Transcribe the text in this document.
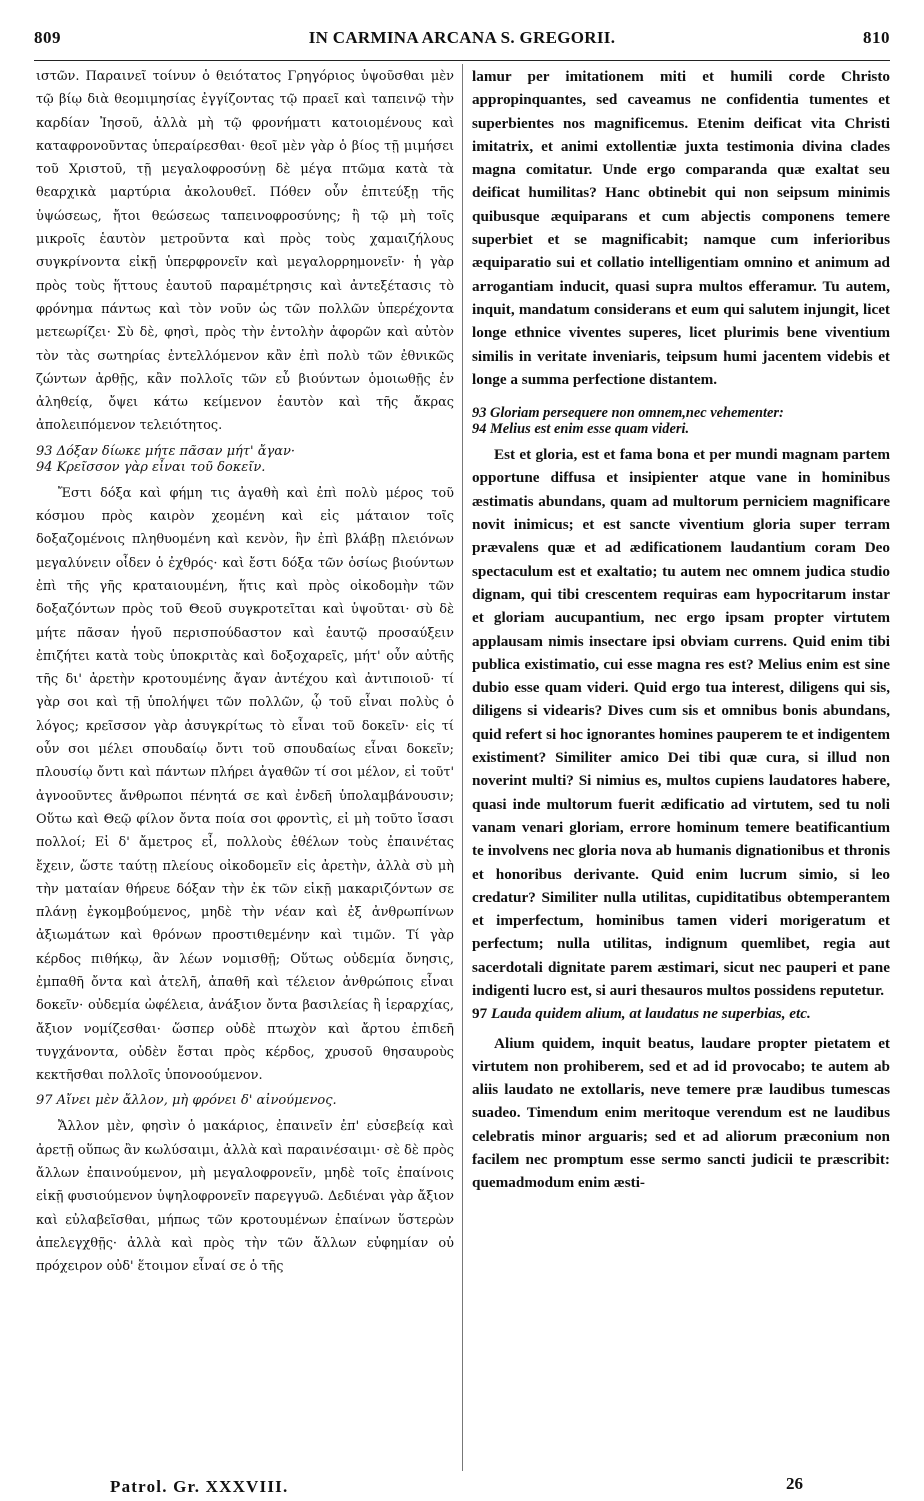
809	IN CARMINA ARCANA S. GREGORII.	810

ιστῶν. Παραινεῖ τοίνυν ὁ θειότατος Γρηγόριος ὑψοῦσθαι μὲν τῷ βίῳ διὰ θεομιμησίας ἐγγίζοντας τῷ πραεῖ καὶ ταπεινῷ τὴν καρδίαν Ἰησοῦ, ἀλλὰ μὴ τῷ φρονήματι κατοιομένους καὶ καταφρονοῦντας ὑπεραίρεσθαι· θεοῖ μὲν γὰρ ὁ βίος τῇ μιμήσει τοῦ Χριστοῦ, τῇ μεγαλοφροσύνῃ δὲ μέγα πτῶμα κατὰ τὰ θεαρχικὰ μαρτύρια ἀκολουθεῖ. Πόθεν οὖν ἐπιτεύξῃ τῆς ὑψώσεως, ἤτοι θεώσεως ταπεινοφροσύνης; ἢ τῷ μὴ τοῖς μικροῖς ἑαυτὸν μετροῦντα καὶ πρὸς τοὺς χαμαιζήλους συγκρίνοντα εἰκῇ ὑπερφρονεῖν καὶ μεγαλορρημονεῖν· ἡ γὰρ πρὸς τοὺς ἥττους ἑαυτοῦ παραμέτρησις καὶ ἀντεξέτασις τὸ φρόνημα πάντως καὶ τὸν νοῦν ὡς τῶν πολλῶν ὑπερέχοντα μετεωρίζει· Σὺ δὲ, φησὶ, πρὸς τὴν ἐντολὴν ἀφορῶν καὶ αὐτὸν τὸν τὰς σωτηρίας ἐντελλόμενον κἂν ἐπὶ πολὺ τῶν ἐθνικῶς ζώντων ἀρθῇς, κἂν πολλοῖς τῶν εὖ βιούντων ὁμοιωθῇς ἐν ἀληθείᾳ, ὄψει κάτω κείμενον ἑαυτὸν καὶ τῆς ἄκρας ἀπολειπόμενον τελειότητος.

93 Δόξαν δίωκε μήτε πᾶσαν μήτ' ἄγαν·

94 Κρεῖσσον γὰρ εἶναι τοῦ δοκεῖν.

Ἔστι δόξα καὶ φήμη τις ἀγαθὴ καὶ ἐπὶ πολὺ μέρος τοῦ κόσμου πρὸς καιρὸν χεομένη καὶ εἰς μάταιον τοῖς δοξαζομένοις πληθυομένη καὶ κενὸν, ἣν ἐπὶ βλάβῃ πλειόνων μεγαλύνειν οἶδεν ὁ ἐχθρός· καὶ ἔστι δόξα τῶν ὁσίως βιούντων ἐπὶ τῆς γῆς κραταιουμένη, ἥτις καὶ πρὸς οἰκοδομὴν τῶν δοξαζόντων πρὸς τοῦ Θεοῦ συγκροτεῖται καὶ ὑψοῦται· σὺ δὲ μήτε πᾶσαν ἡγοῦ περισπούδαστον καὶ ἑαυτῷ προσαύξειν ἐπιζήτει κατὰ τοὺς ὑποκριτὰς καὶ δοξοχαρεῖς, μήτ' οὖν αὐτῆς τῆς δι' ἀρετὴν κροτουμένης ἄγαν ἀντέχου καὶ ἀντιποιοῦ· τί γὰρ σοι καὶ τῇ ὑπολήψει τῶν πολλῶν, ᾧ τοῦ εἶναι πολὺς ὁ λόγος; κρεῖσσον γὰρ ἀσυγκρίτως τὸ εἶναι τοῦ δοκεῖν· εἰς τί οὖν σοι μέλει σπουδαίῳ ὄντι τοῦ σπουδαίως εἶναι δοκεῖν; πλουσίῳ ὄντι καὶ πάντων πλήρει ἀγαθῶν τί σοι μέλον, εἰ τοῦτ' ἀγνοοῦντες ἄνθρωποι πένητά σε καὶ ἐνδεῆ ὑπολαμβάνουσιν; Οὕτω καὶ Θεῷ φίλον ὄντα ποία σοι φροντὶς, εἰ μὴ τοῦτο ἴσασι πολλοί; Εἰ δ' ἄμετρος εἶ, πολλοὺς ἐθέλων τοὺς ἐπαινέτας ἔχειν, ὥστε ταύτῃ πλείους οἰκοδομεῖν εἰς ἀρετὴν, ἀλλὰ σὺ μὴ τὴν ματαίαν θήρευε δόξαν τὴν ἐκ τῶν εἰκῇ μακαριζόντων σε πλάνῃ ἐγκομβούμενος, μηδὲ τὴν νέαν καὶ ἐξ ἀνθρωπίνων ἀξιωμάτων καὶ θρόνων προστιθεμένην καὶ τιμῶν. Τί γὰρ κέρδος πιθήκῳ, ἂν λέων νομισθῇ; Οὕτως οὐδεμία ὄνησις, ἐμπαθῆ ὄντα καὶ ἀτελῆ, ἀπαθῆ καὶ τέλειον ἀνθρώποις εἶναι δοκεῖν· οὐδεμία ὠφέλεια, ἀνάξιον ὄντα βασιλείας ἢ ἱεραρχίας, ἄξιον νομίζεσθαι· ὥσπερ οὐδὲ πτωχὸν καὶ ἄρτου ἐπιδεῆ τυγχάνοντα, οὐδὲν ἔσται πρὸς κέρδος, χρυσοῦ θησαυροὺς κεκτῆσθαι πολλοῖς ὑπονοούμενον.

97 Αἴνει μὲν ἄλλον, μὴ φρόνει δ' αἰνούμενος.

Ἄλλον μὲν, φησὶν ὁ μακάριος, ἐπαινεῖν ἐπ' εὐσεβείᾳ καὶ ἀρετῇ οὕπως ἂν κωλύσαιμι, ἀλλὰ καὶ παραινέσαιμι· σὲ δὲ πρὸς ἄλλων ἐπαινούμενον, μὴ μεγαλοφρονεῖν, μηδὲ τοῖς ἐπαίνοις εἰκῇ φυσιούμενον ὑψηλοφρονεῖν παρεγγυῶ. Δεδιέναι γὰρ ἄξιον καὶ εὐλαβεῖσθαι, μήπως τῶν κροτουμένων ἐπαίνων ὕστερὼν ἀπελεγχθῇς· ἀλλὰ καὶ πρὸς τὴν τῶν ἄλλων εὐφημίαν οὐ πρόχειρον οὐδ' ἕτοιμον εἶναί σε ὁ τῆς

lamur per imitationem miti et humili corde Christo appropinquantes, sed caveamus ne confidentia tumentes et superbientes nos magnificemus. Etenim deificat vita Christi imitatrix, et animi extollentiæ juxta testimonia divina clades magna comitatur. Unde ergo comparanda quæ exaltat seu deificat humilitas? Hanc obtinebit qui non seipsum minimis quibusque æquiparans et cum abjectis componens temere superbiet et se magnificabit; namque cum inferioribus æquiparatio sui et collatio intelligentiam omnino et animum ad arrogantiam inducit, quasi supra multos efferamur. Tu autem, inquit, mandatum considerans et eum qui salutem injungit, licet longe ethnice viventes superes, licet plurimis bene viventium similis in veritate inveniaris, teipsum humi jacentem videbis et longe a summa perfectione distantem.

93 Gloriam persequere non omnem,nec vehementer:

94 Melius est enim esse quam videri.

Est et gloria, est et fama bona et per mundi magnam partem opportune diffusa et insipienter atque vane in hominibus æstimatis abundans, quam ad multorum perniciem magnificare novit inimicus; et est sancte viventium gloria super terram prævalens quæ et ad ædificationem laudantium coram Deo spectaculum est et exaltatio; tu autem nec omnem judica studio dignam, qui tibi crescentem requiras eam hypocritarum instar et gloriam aucupantium, nec ergo ipsam propter virtutem applausam nimis insectare ipsi obviam currens. Quid enim tibi publica existimatio, cui esse magna res est? Melius enim est sine dubio esse quam videri. Quid ergo tua interest, diligens qui sis, diligens si videaris? Dives cum sis et omnibus bonis abundans, quid refert si hoc ignorantes homines pauperem te et indigentem existiment? Similiter amico Dei tibi quæ cura, si illud non noverint multi? Si nimius es, multos cupiens laudatores habere, quasi inde multorum fuerit ædificatio ad virtutem, sed tu noli vanam venari gloriam, errore hominum temere beatificantium te involvens nec gloria nova ab humanis dignationibus et thronis et honoribus derivante. Quid enim lucrum simio, si leo credatur? Similiter nulla utilitas, cupiditatibus obtemperantem et imperfectum, hominibus tamen videri morigeratum et perfectum; nulla utilitas, indignum quemlibet, regia aut sacerdotali dignitate parem æstimari, sicut nec pauperi et pane indigenti lucro est, si auri thesauros multos possidens reputetur.

97 Lauda quidem alium, at laudatus ne superbias, etc.

Alium quidem, inquit beatus, laudare propter pietatem et virtutem non prohiberem, sed et ad id provocabo; te autem ab aliis laudato ne extollaris, neve temere præ laudibus tumescas suadeo. Timendum enim meritoque verendum est ne laudibus celebratis minor arguaris; sed et ad aliorum præconium non facilem nec promptum esse sermo sancti judicii te præscribit: quemadmodum enim æsti-

Patrol. Gr. XXXVIII.	26
